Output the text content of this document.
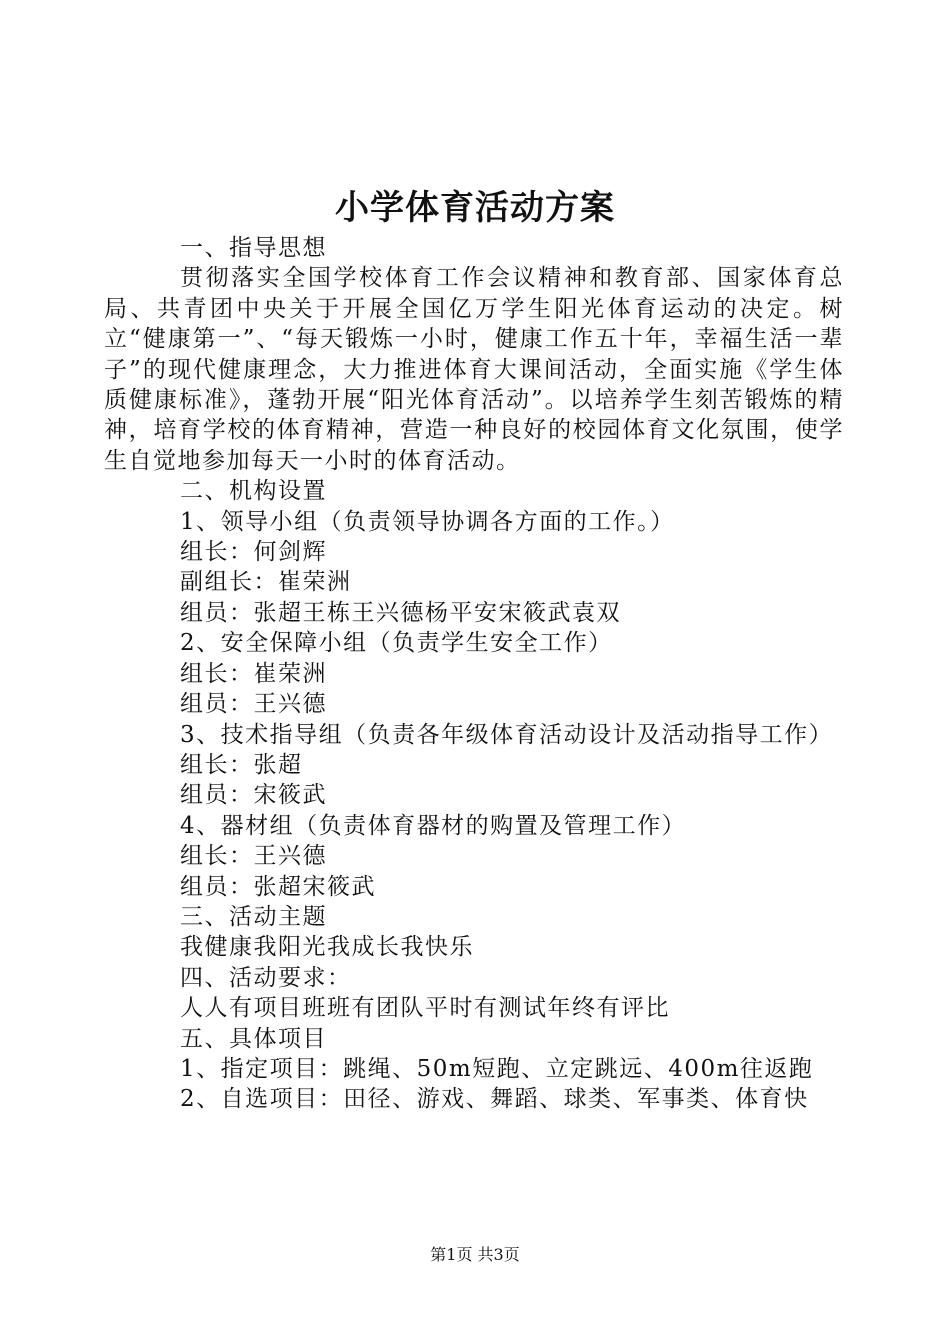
小学体育活动方案

一、指导思想

贯彻落实全国学校体育工作会议精神和教育部、国家体育总局、共青团中央关于开展全国亿万学生阳光体育运动的决定。树立“健康第一”、“每天锻炼一小时，健康工作五十年，幸福生活一辈子”的现代健康理念，大力推进体育大课间活动，全面实施《学生体质健康标准》，蓬勃开展“阳光体育活动”。以培养学生刻苦锻炼的精神，培育学校的体育精神，营造一种良好的校园体育文化氛围，使学生自觉地参加每天一小时的体育活动。

二、机构设置

1、领导小组（负责领导协调各方面的工作。）

组长：何剑辉

副组长：崔荣洲

组员：张超王栋王兴德杨平安宋筱武袁双

2、安全保障小组（负责学生安全工作）

组长：崔荣洲

组员：王兴德

3、技术指导组（负责各年级体育活动设计及活动指导工作）

组长：张超

组员：宋筱武

4、器材组（负责体育器材的购置及管理工作）

组长：王兴德

组员：张超宋筱武

三、活动主题

我健康我阳光我成长我快乐

四、活动要求：

人人有项目班班有团队平时有测试年终有评比

五、具体项目

1、指定项目：跳绳、50m短跑、立定跳远、400m往返跑

2、自选项目：田径、游戏、舞蹈、球类、军事类、体育快

第1页 共3页
